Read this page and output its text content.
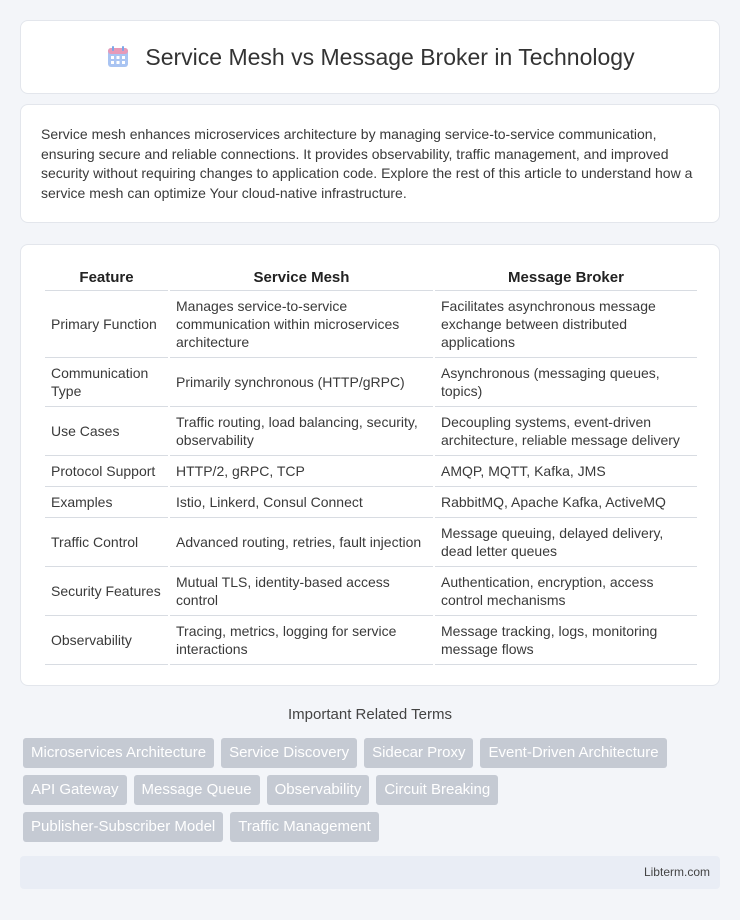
Service Mesh vs Message Broker in Technology

Service mesh enhances microservices architecture by managing service-to-service communication, ensuring secure and reliable connections. It provides observability, traffic management, and improved security without requiring changes to application code. Explore the rest of this article to understand how a service mesh can optimize Your cloud-native infrastructure.

Feature	Service Mesh	Message Broker
Primary Function	Manages service-to-service communication within microservices architecture	Facilitates asynchronous message exchange between distributed applications
Communication Type	Primarily synchronous (HTTP/gRPC)	Asynchronous (messaging queues, topics)
Use Cases	Traffic routing, load balancing, security, observability	Decoupling systems, event-driven architecture, reliable message delivery
Protocol Support	HTTP/2, gRPC, TCP	AMQP, MQTT, Kafka, JMS
Examples	Istio, Linkerd, Consul Connect	RabbitMQ, Apache Kafka, ActiveMQ
Traffic Control	Advanced routing, retries, fault injection	Message queuing, delayed delivery, dead letter queues
Security Features	Mutual TLS, identity-based access control	Authentication, encryption, access control mechanisms
Observability	Tracing, metrics, logging for service interactions	Message tracking, logs, monitoring message flows
Important Related Terms
Microservices Architecture	Service Discovery	Sidecar Proxy	Event-Driven Architecture
API Gateway	Message Queue	Observability	Circuit Breaking
Publisher-Subscriber Model	Traffic Management
Libterm.com
